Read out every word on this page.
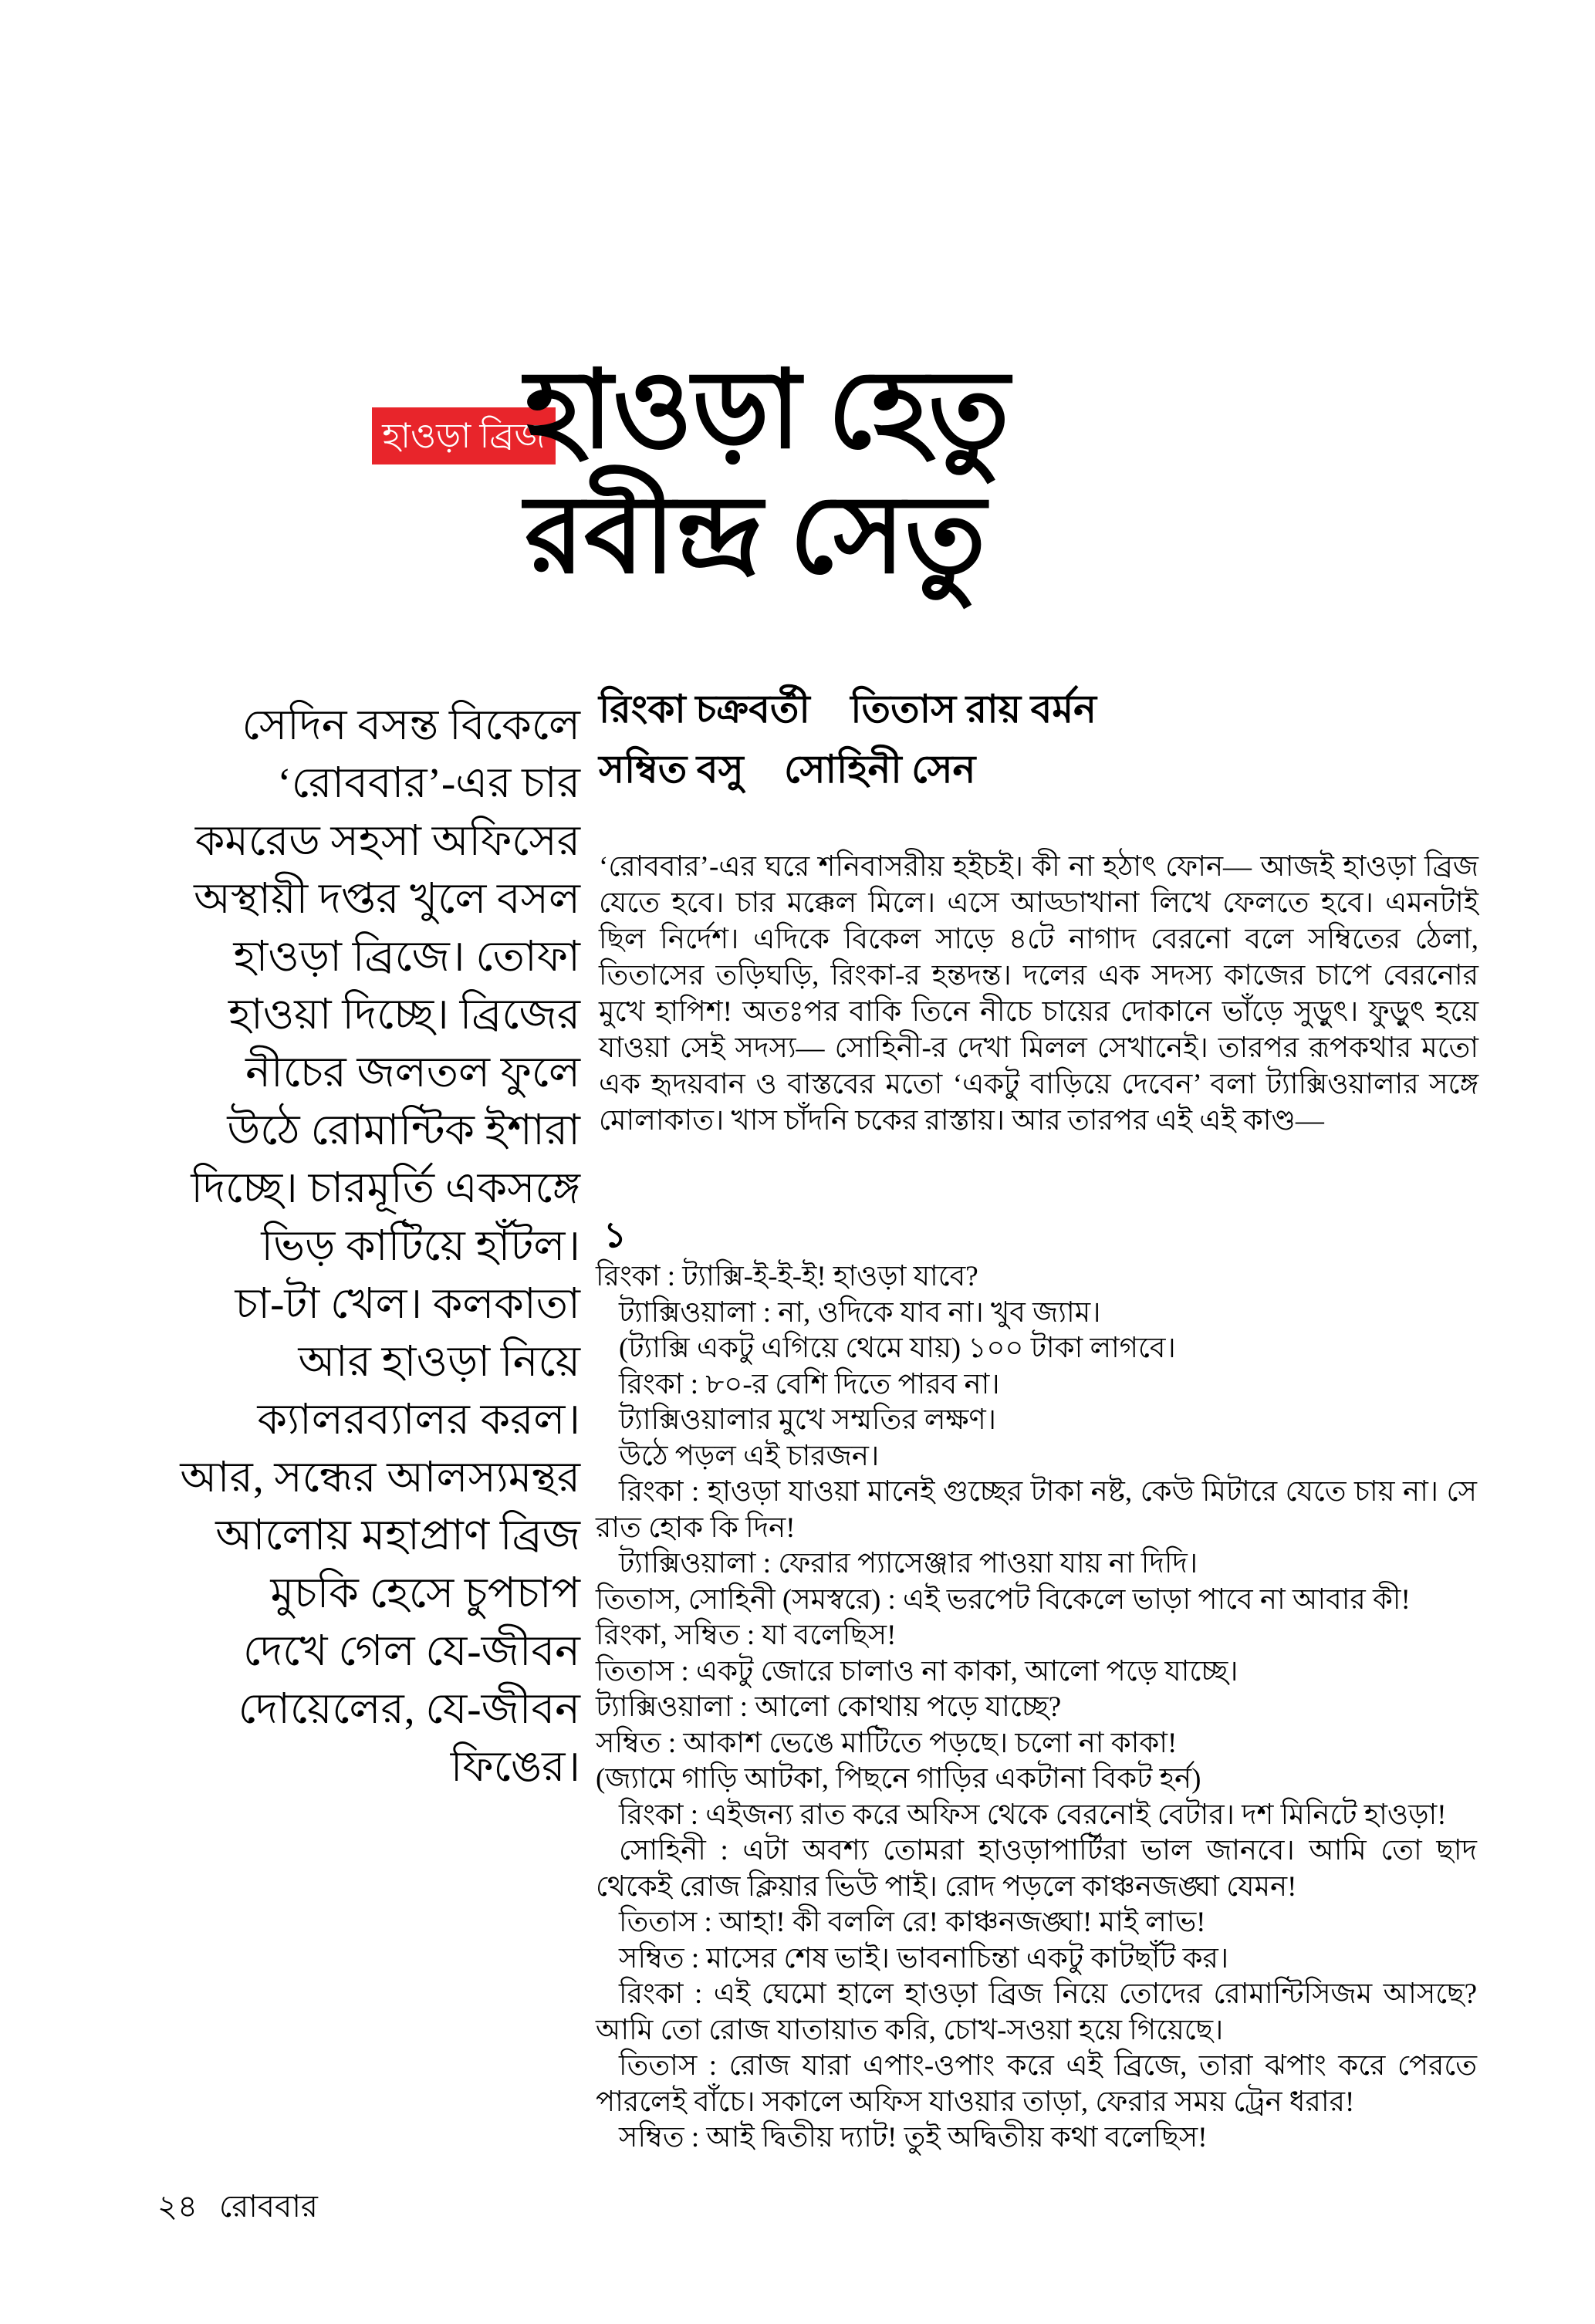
হাওড়া ব্রিজ
হাওড়া হেতু
রবীন্দ্র সেতু
রিংকা চক্রবর্তী তিতাস রায় বর্মন
সম্বিত বসু সোহিনী সেন
সেদিন বসন্ত বিকেলে
‘রোববার’-এর চার
কমরেড সহসা অফিসের
অস্থায়ী দপ্তর খুলে বসল
হাওড়া ব্রিজে। তোফা
হাওয়া দিচ্ছে। ব্রিজের
নীচের জলতল ফুলে
উঠে রোমান্টিক ইশারা
দিচ্ছে। চারমূর্তি একসঙ্গে
ভিড় কাটিয়ে হাঁটল।
চা-টা খেল। কলকাতা
আর হাওড়া নিয়ে
ক্যালরব্যালর করল।
আর, সন্ধের আলস্যমন্থর
আলোয় মহাপ্রাণ ব্রিজ
মুচকি হেসে চুপচাপ
দেখে গেল যে-জীবন
দোয়েলের, যে-জীবন
ফিঙের।
‘রোববার’-এর ঘরে শনিবাসরীয় হইচই। কী না হঠাৎ ফোন— আজই হাওড়া ব্রিজ যেতে হবে। চার মক্কেল মিলে। এসে আড্ডাখানা লিখে ফেলতে হবে। এমনটাই ছিল নির্দেশ। এদিকে বিকেল সাড়ে ৪টে নাগাদ বেরনো বলে সম্বিতের ঠেলা, তিতাসের তড়িঘড়ি, রিংকা-র হন্তদন্ত। দলের এক সদস্য কাজের চাপে বেরনোর মুখে হাপিশ! অতঃপর বাকি তিনে নীচে চায়ের দোকানে ভাঁড়ে সুড়ুৎ। ফুড়ুৎ হয়ে যাওয়া সেই সদস্য— সোহিনী-র দেখা মিলল সেখানেই। তারপর রূপকথার মতো এক হৃদয়বান ও বাস্তবের মতো ‘একটু বাড়িয়ে দেবেন’ বলা ট্যাক্সিওয়ালার সঙ্গে মোলাকাত। খাস চাঁদনি চকের রাস্তায়। আর তারপর এই এই কাণ্ড—
১

রিংকা : ট্যাক্সি-ই-ই-ই! হাওড়া যাবে?

ট্যাক্সিওয়ালা : না, ওদিকে যাব না। খুব জ্যাম।

(ট্যাক্সি একটু এগিয়ে থেমে যায়) ১০০ টাকা লাগবে।

রিংকা : ৮০-র বেশি দিতে পারব না।

ট্যাক্সিওয়ালার মুখে সম্মতির লক্ষণ।

উঠে পড়ল এই চারজন।

রিংকা : হাওড়া যাওয়া মানেই গুচ্ছের টাকা নষ্ট, কেউ মিটারে যেতে চায় না। সে রাত হোক কি দিন!

ট্যাক্সিওয়ালা : ফেরার প্যাসেঞ্জার পাওয়া যায় না দিদি।

তিতাস, সোহিনী (সমস্বরে) : এই ভরপেট বিকেলে ভাড়া পাবে না আবার কী!

রিংকা, সম্বিত : যা বলেছিস!

তিতাস : একটু জোরে চালাও না কাকা, আলো পড়ে যাচ্ছে।

ট্যাক্সিওয়ালা : আলো কোথায় পড়ে যাচ্ছে?

সম্বিত : আকাশ ভেঙে মাটিতে পড়ছে। চলো না কাকা!

(জ্যামে গাড়ি আটকা, পিছনে গাড়ির একটানা বিকট হর্ন)

রিংকা : এইজন্য রাত করে অফিস থেকে বেরনোই বেটার। দশ মিনিটে হাওড়া!

সোহিনী : এটা অবশ্য তোমরা হাওড়াপার্টিরা ভাল জানবে। আমি তো ছাদ থেকেই রোজ ক্লিয়ার ভিউ পাই। রোদ পড়লে কাঞ্চনজঙ্ঘা যেমন!

তিতাস : আহা! কী বললি রে! কাঞ্চনজঙ্ঘা! মাই লাভ!

সম্বিত : মাসের শেষ ভাই। ভাবনাচিন্তা একটু কাটছাঁট কর।

রিংকা : এই ঘেমো হালে হাওড়া ব্রিজ নিয়ে তোদের রোমান্টিসিজম আসছে? আমি তো রোজ যাতায়াত করি, চোখ-সওয়া হয়ে গিয়েছে।

তিতাস : রোজ যারা এপাং-ওপাং করে এই ব্রিজে, তারা ঝপাং করে পেরতে পারলেই বাঁচে। সকালে অফিস যাওয়ার তাড়া, ফেরার সময় ট্রেন ধরার!

সম্বিত : আই দ্বিতীয় দ্যাট! তুই অদ্বিতীয় কথা বলেছিস!

২৪ রোববার
